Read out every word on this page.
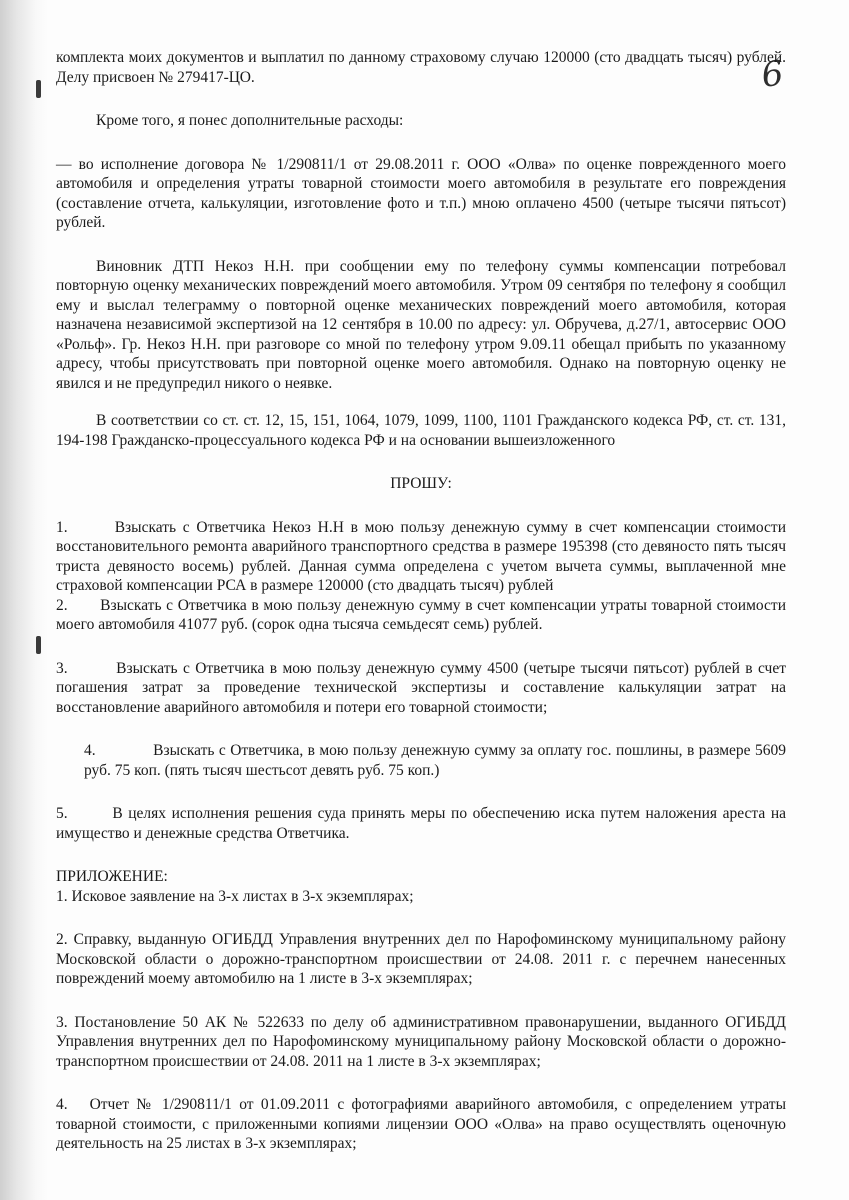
6

комплекта моих документов и выплатил по данному страховому случаю 120000 (сто двадцать тысяч) рублей. Делу присвоен № 279417-ЦО.

Кроме того, я понес дополнительные расходы:

— во исполнение договора № 1/290811/1 от 29.08.2011 г. ООО «Олва» по оценке поврежденного моего автомобиля и определения утраты товарной стоимости моего автомобиля в результате его повреждения (составление отчета, калькуляции, изготовление фото и т.п.) мною оплачено 4500 (четыре тысячи пятьсот) рублей.

Виновник ДТП Некоз Н.Н. при сообщении ему по телефону суммы компенсации потребовал повторную оценку механических повреждений моего автомобиля. Утром 09 сентября по телефону я сообщил ему и выслал телеграмму о повторной оценке механических повреждений моего автомобиля, которая назначена независимой экспертизой на 12 сентября в 10.00 по адресу: ул. Обручева, д.27/1, автосервис ООО «Рольф». Гр. Некоз Н.Н. при разговоре со мной по телефону утром 9.09.11 обещал прибыть по указанному адресу, чтобы присутствовать при повторной оценке моего автомобиля. Однако на повторную оценку не явился и не предупредил никого о неявке.

В соответствии со ст. ст. 12, 15, 151, 1064, 1079, 1099, 1100, 1101 Гражданского кодекса РФ, ст. ст. 131, 194-198 Гражданско-процессуального кодекса РФ и на основании вышеизложенного

ПРОШУ:

1.       Взыскать с Ответчика Некоз Н.Н в мою пользу денежную сумму в счет компенсации стоимости восстановительного ремонта аварийного транспортного средства в размере 195398 (сто девяносто пять тысяч триста девяносто восемь) рублей. Данная сумма определена с учетом вычета суммы, выплаченной мне страховой компенсации РСА в размере 120000 (сто двадцать тысяч) рублей

2.       Взыскать с Ответчика в мою пользу денежную сумму в счет компенсации утраты товарной стоимости моего автомобиля 41077 руб. (сорок одна тысяча семьдесят семь) рублей.

3.         Взыскать с Ответчика в мою пользу денежную сумму 4500 (четыре тысячи пятьсот) рублей в счет погашения затрат за проведение технической экспертизы и составление калькуляции затрат на восстановление аварийного автомобиля и потери его товарной стоимости;

4.             Взыскать с Ответчика, в мою пользу денежную сумму за оплату гос. пошлины, в размере 5609 руб. 75 коп. (пять тысяч шестьсот девять руб. 75 коп.)

5.        В целях исполнения решения суда принять меры по обеспечению иска путем наложения ареста на имущество и денежные средства Ответчика.

ПРИЛОЖЕНИЕ:

1. Исковое заявление на 3-х листах в 3-х экземплярах;

2. Справку, выданную ОГИБДД Управления внутренних дел по Нарофоминскому муниципальному району Московской области о дорожно-транспортном происшествии от 24.08. 2011 г. с перечнем нанесенных повреждений моему автомобилю на 1 листе в 3-х экземплярах;

3. Постановление 50 АК № 522633 по делу об административном правонарушении, выданного ОГИБДД Управления внутренних дел по Нарофоминскому муниципальному району Московской области о дорожно-транспортном происшествии от 24.08. 2011 на 1 листе в 3-х экземплярах;

4.   Отчет № 1/290811/1 от 01.09.2011 с фотографиями аварийного автомобиля, с определением утраты товарной стоимости, с приложенными копиями лицензии ООО «Олва» на право осуществлять оценочную деятельность на 25 листах в 3-х экземплярах;
